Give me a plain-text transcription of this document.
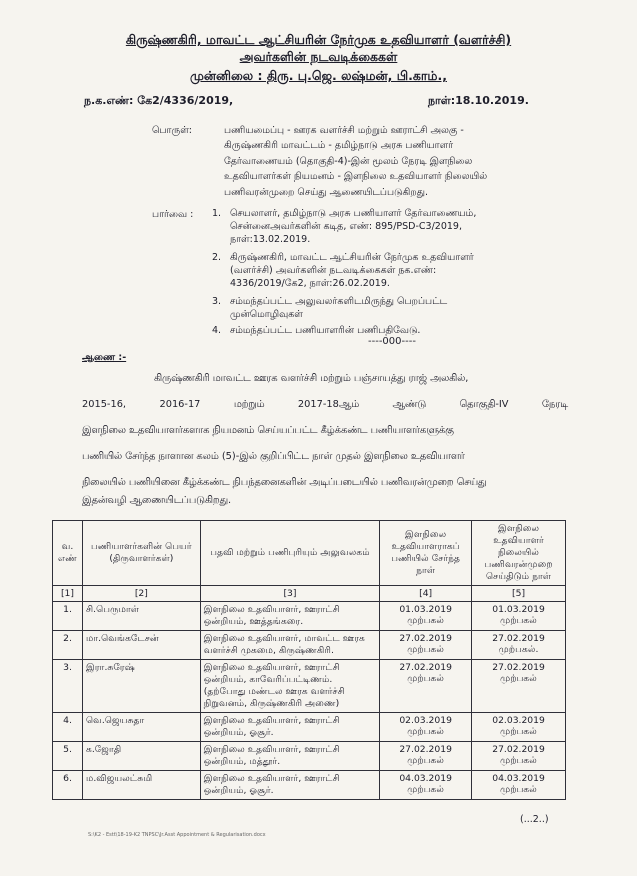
கிருஷ்ணகிரி, மாவட்ட ஆட்சியரின் நேர்முக உதவியாளர் (வளர்ச்சி)
அவர்களின் நடவடிக்கைகள்
முன்னிலை : திரு. பு.ஜெ. லஷ்மன், பி.காம்.,
ந.க.எண்: கே2/4336/2019,	நாள்:18.10.2019.
பொருள்:	பணியமைப்பு - ஊரக வளர்ச்சி மற்றும் ஊராட்சி அலகு -
கிருஷ்ணகிரி மாவட்டம் - தமிழ்நாடு அரசு பணியாளர்
தேர்வாணையம் (தொகுதி-4)-இன் மூலம் நேரடி இளநிலை
உதவியாளர்கள் நியமனம் - இளநிலை உதவியாளர் நிலையில்
பணிவரன்முறை செய்து ஆணையிடப்படுகிறது.
பார்வை : 1. செயலாளர், தமிழ்நாடு அரசு பணியாளர் தேர்வாணையம்,
சென்னைஅவர்களின் கடித, எண்: 895/PSD-C3/2019,
நாள்:13.02.2019.
2. கிருஷ்ணகிரி, மாவட்ட ஆட்சியரின் நேர்முக உதவியாளர்
(வளர்ச்சி) அவர்களின் நடவடிக்கைகள் நக.எண்:
4336/2019/கே2, நாள்:26.02.2019.
3. சம்மந்தப்பட்ட அலுவலர்களிடமிருந்து பெறப்பட்ட
முன்மொழிவுகள்
4. சம்மந்தப்பட்ட பணியாளரின் பணிபதிவேடு.
----000----
ஆணை :-
கிருஷ்ணகிரி மாவட்ட ஊரக வளர்ச்சி மற்றும் பஞ்சாயத்து ராஜ் அலகில்,
2015-16, 2016-17 மற்றும் 2017-18ஆம் ஆண்டு தொகுதி-IV நேரடி
இளநிலை உதவியாளர்களாக நியமனம் செய்யப்பட்ட கீழ்க்கண்ட பணியாளர்களுக்கு
பணியில் சேர்ந்த நாளான கலம் (5)-இல் குறிப்பிட்ட நாள் முதல் இளநிலை உதவியாளர்
நிலையில் பணியினை கீழ்க்கண்ட நிபந்தனைகளின் அடிப்படையில் பணிவரன்முறை செய்து
வ. எண்	பணியாளர்களின் பெயர் (திருவாளர்கள்)	பதவி மற்றும் பணிபுரியும் அலுவலகம்	இளநிலை உதவியாளராகப் பணியில் சேர்ந்த நாள்	இளநிலை உதவியாளர் நிலையில் பணிவரன்முறை செய்திடும் நாள்
[1]	[2]	[3]	[4]	[5]
1.	சி.பெருமாள்	இளநிலை உதவியாளர், ஊராட்சி ஒன்றியம், ஊத்தங்கரை.	01.03.2019 முற்பகல்	01.03.2019 முற்பகல்
2.	மா.வெங்கடேசன்	இளநிலை உதவியாளர், மாவட்ட ஊரக வளர்ச்சி முகமை, கிருஷ்ணகிரி.	27.02.2019 முற்பகல்	27.02.2019 முற்பகல்.
3.	இரா.சுரேஷ்	இளநிலை உதவியாளர், ஊராட்சி ஒன்றியம், காவேரிப்பட்டிணம். (தற்போது மண்டல ஊரக வளர்ச்சி நிறுவனம், கிருஷ்ணகிரி அணை)	27.02.2019 முற்பகல்	27.02.2019 முற்பகல்
4.	வெ.ஜெயசுதா	இளநிலை உதவியாளர், ஊராட்சி ஒன்றியம், ஓசூர்.	02.03.2019 முற்பகல்	02.03.2019 முற்பகல்
5.	க.ஜோதி	இளநிலை உதவியாளர், ஊராட்சி ஒன்றியம், மத்தூர்.	27.02.2019 முற்பகல்	27.02.2019 முற்பகல்
6.	ம.விஜயலட்சுமி	இளநிலை உதவியாளர், ஊராட்சி ஒன்றியம், ஓசூர்.	04.03.2019 முற்பகல்	04.03.2019 முற்பகல்
இதன்வழி ஆணையிடப்படுகிறது.
(...2..)
S:\K2 - Estt\18-19-K2 TNPSC\Jr.Asst Appointment & Regularisation.docx
